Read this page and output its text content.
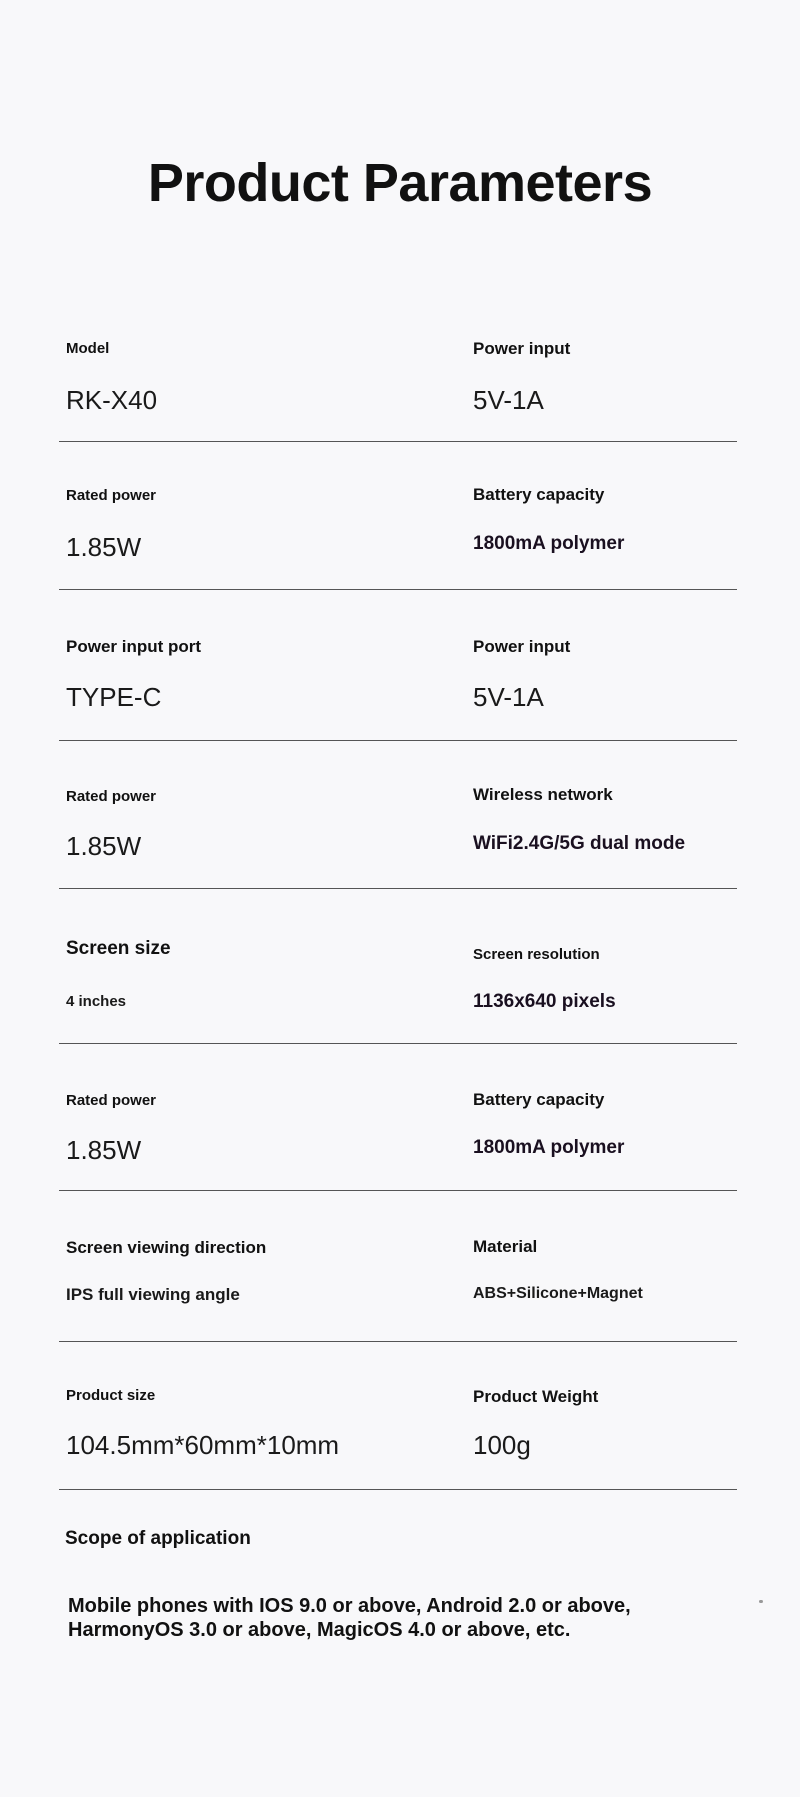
Product Parameters
Model
RK-X40
Power input
5V-1A
Rated power
1.85W
Battery capacity
1800mA polymer
Power input port
TYPE-C
Power input
5V-1A
Rated power
1.85W
Wireless network
WiFi2.4G/5G dual mode
Screen size
4 inches
Screen resolution
1136x640 pixels
Rated power
1.85W
Battery capacity
1800mA polymer
Screen viewing direction
IPS full viewing angle
Material
ABS+Silicone+Magnet
Product size
104.5mm*60mm*10mm
Product Weight
100g
Scope of application

Mobile phones with IOS 9.0 or above, Android 2.0 or above, HarmonyOS 3.0 or above, MagicOS 4.0 or above, etc.
